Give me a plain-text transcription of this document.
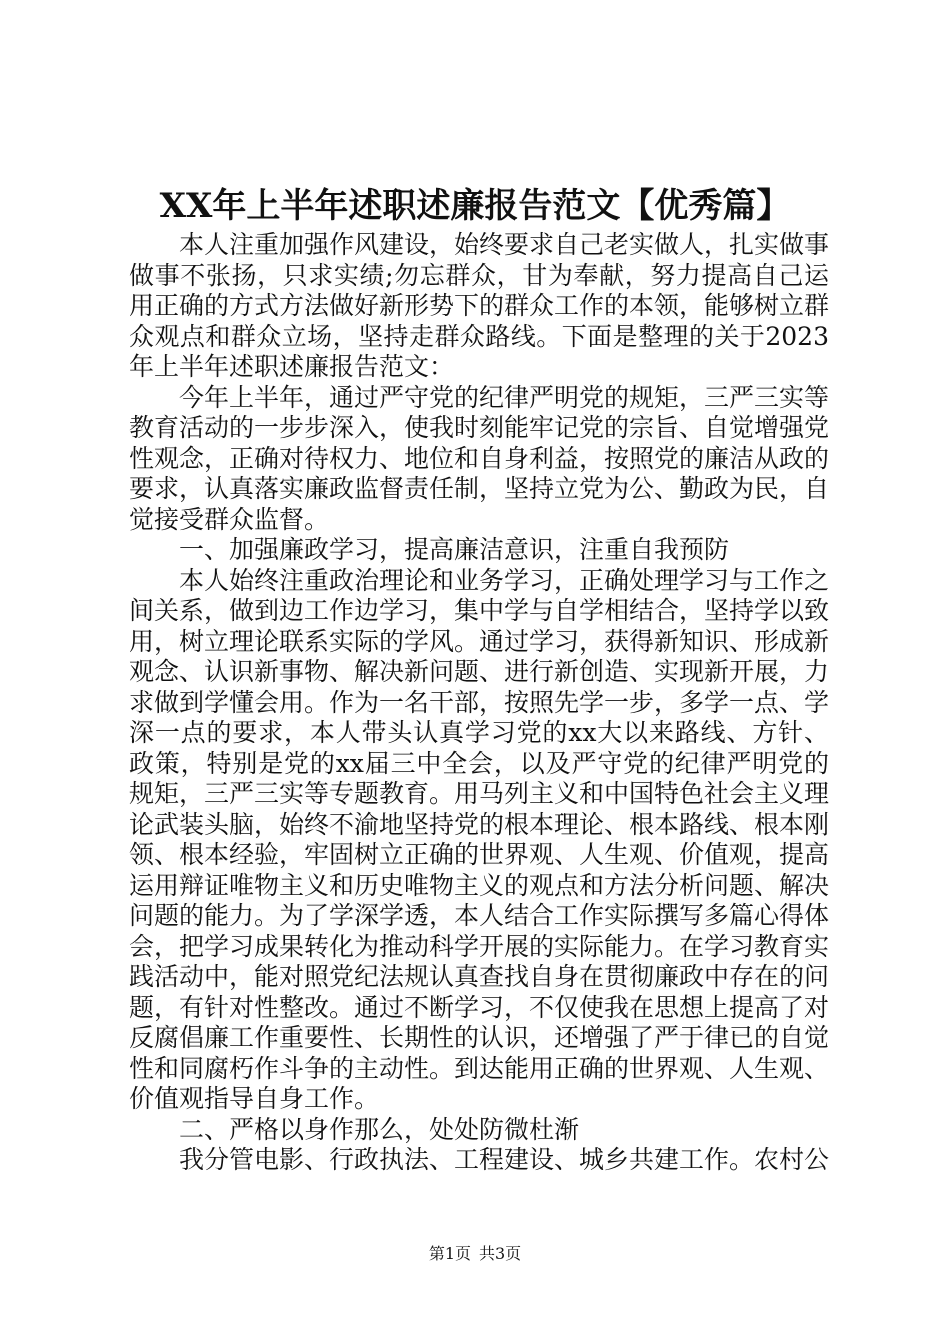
XX年上半年述职述廉报告范文【优秀篇】

本人注重加强作风建设，始终要求自己老实做人，扎实做事做事不张扬，只求实绩;勿忘群众，甘为奉献，努力提高自己运用正确的方式方法做好新形势下的群众工作的本领，能够树立群众观点和群众立场，坚持走群众路线。下面是整理的关于2023年上半年述职述廉报告范文：

今年上半年，通过严守党的纪律严明党的规矩，三严三实等教育活动的一步步深入，使我时刻能牢记党的宗旨、自觉增强党性观念，正确对待权力、地位和自身利益，按照党的廉洁从政的要求，认真落实廉政监督责任制，坚持立党为公、勤政为民，自觉接受群众监督。

一、加强廉政学习，提高廉洁意识，注重自我预防

本人始终注重政治理论和业务学习，正确处理学习与工作之间关系，做到边工作边学习，集中学与自学相结合，坚持学以致用，树立理论联系实际的学风。通过学习，获得新知识、形成新观念、认识新事物、解决新问题、进行新创造、实现新开展，力求做到学懂会用。作为一名干部，按照先学一步，多学一点、学深一点的要求，本人带头认真学习党的xx大以来路线、方针、政策，特别是党的xx届三中全会，以及严守党的纪律严明党的规矩，三严三实等专题教育。用马列主义和中国特色社会主义理论武装头脑，始终不渝地坚持党的根本理论、根本路线、根本刚领、根本经验，牢固树立正确的世界观、人生观、价值观，提高运用辩证唯物主义和历史唯物主义的观点和方法分析问题、解决问题的能力。为了学深学透，本人结合工作实际撰写多篇心得体会，把学习成果转化为推动科学开展的实际能力。在学习教育实践活动中，能对照党纪法规认真查找自身在贯彻廉政中存在的问题，有针对性整改。通过不断学习，不仅使我在思想上提高了对反腐倡廉工作重要性、长期性的认识，还增强了严于律已的自觉性和同腐朽作斗争的主动性。到达能用正确的世界观、人生观、价值观指导自身工作。

二、严格以身作那么，处处防微杜渐

我分管电影、行政执法、工程建设、城乡共建工作。农村公

第1页 共3页
